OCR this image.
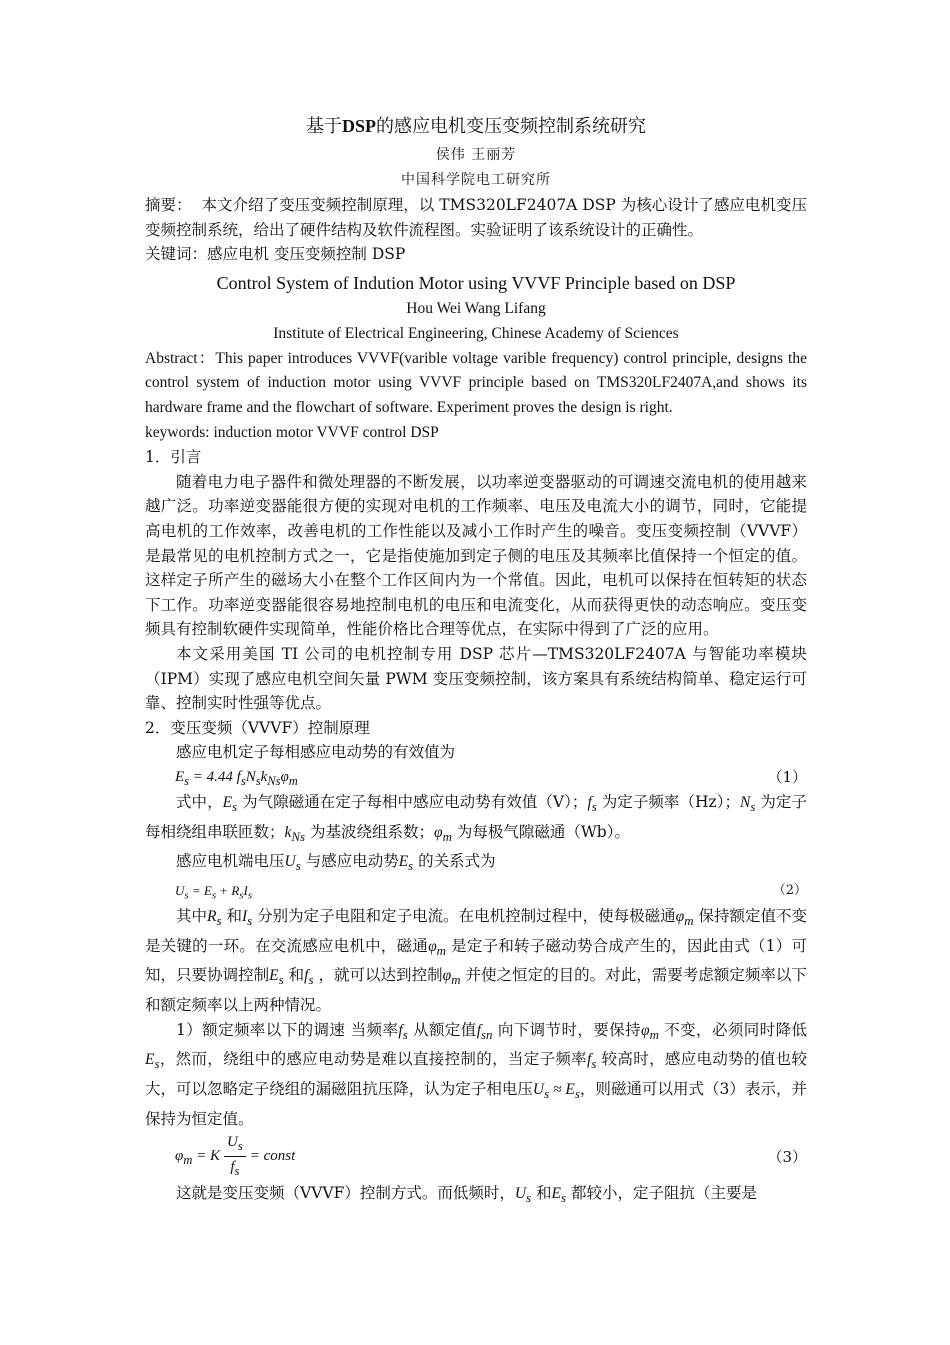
基于DSP的感应电机变压变频控制系统研究
侯伟 王丽芳
中国科学院电工研究所
摘要： 本文介绍了变压变频控制原理，以 TMS320LF2407A DSP 为核心设计了感应电机变压变频控制系统，给出了硬件结构及软件流程图。实验证明了该系统设计的正确性。
关键词：感应电机 变压变频控制 DSP
Control System of Indution Motor using VVVF Principle based on DSP
Hou Wei Wang Lifang
Institute of Electrical Engineering, Chinese Academy of Sciences
Abstract：This paper introduces VVVF(varible voltage varible frequency) control principle, designs the control system of induction motor using VVVF principle based on TMS320LF2407A,and shows its hardware frame and the flowchart of software. Experiment proves the design is right.
keywords: induction motor VVVF control DSP
1．引言
随着电力电子器件和微处理器的不断发展，以功率逆变器驱动的可调速交流电机的使用越来越广泛。功率逆变器能很方便的实现对电机的工作频率、电压及电流大小的调节，同时，它能提高电机的工作效率，改善电机的工作性能以及减小工作时产生的噪音。变压变频控制（VVVF）是最常见的电机控制方式之一，它是指使施加到定子侧的电压及其频率比值保持一个恒定的值。这样定子所产生的磁场大小在整个工作区间内为一个常值。因此，电机可以保持在恒转矩的状态下工作。功率逆变器能很容易地控制电机的电压和电流变化，从而获得更快的动态响应。变压变频具有控制软硬件实现简单，性能价格比合理等优点，在实际中得到了广泛的应用。
本文采用美国 TI 公司的电机控制专用 DSP 芯片—TMS320LF2407A 与智能功率模块（IPM）实现了感应电机空间矢量 PWM 变压变频控制，该方案具有系统结构简单、稳定运行可靠、控制实时性强等优点。
2．变压变频（VVVF）控制原理
感应电机定子每相感应电动势的有效值为
$E_s = 4.44$ $f_sN_sk_{Ns}\varphi_m$	（1）
式中，$E_s$ 为气隙磁通在定子每相中感应电动势有效值（V）；$f_s$ 为定子频率（Hz）；$N_s$ 为定子每相绕组串联匝数；$k_{Ns}$ 为基波绕组系数；$\varphi_m$ 为每极气隙磁通（Wb）。
感应电机端电压$U_s$ 与感应电动势$E_s$ 的关系式为
$U_s = E_s + R_sI_s$	（2）
其中$R_s$ 和$I_s$ 分别为定子电阻和定子电流。在电机控制过程中，使每极磁通$\varphi_m$ 保持额定值不变是关键的一环。在交流感应电机中，磁通$\varphi_m$ 是定子和转子磁动势合成产生的，因此由式（1）可知，只要协调控制$E_s$ 和$f_s$ ，就可以达到控制$\varphi_m$ 并使之恒定的目的。对此，需要考虑额定频率以下和额定频率以上两种情况。
1）额定频率以下的调速 当频率$f_s$ 从额定值$f_{sn}$ 向下调节时，要保持$\varphi_m$ 不变，必须同时降低$E_s$，然而，绕组中的感应电动势是难以直接控制的，当定子频率$f_s$ 较高时，感应电动势的值也较大，可以忽略定子绕组的漏磁阻抗压降，认为定子相电压$U_s \approx E_s$，则磁通可以用式（3）表示，并保持为恒定值。
$\varphi_m = K \frac{U_s}{f_s}$ = const	（3）
这就是变压变频（VVVF）控制方式。而低频时，$U_s$ 和$E_s$ 都较小，定子阻抗（主要是
